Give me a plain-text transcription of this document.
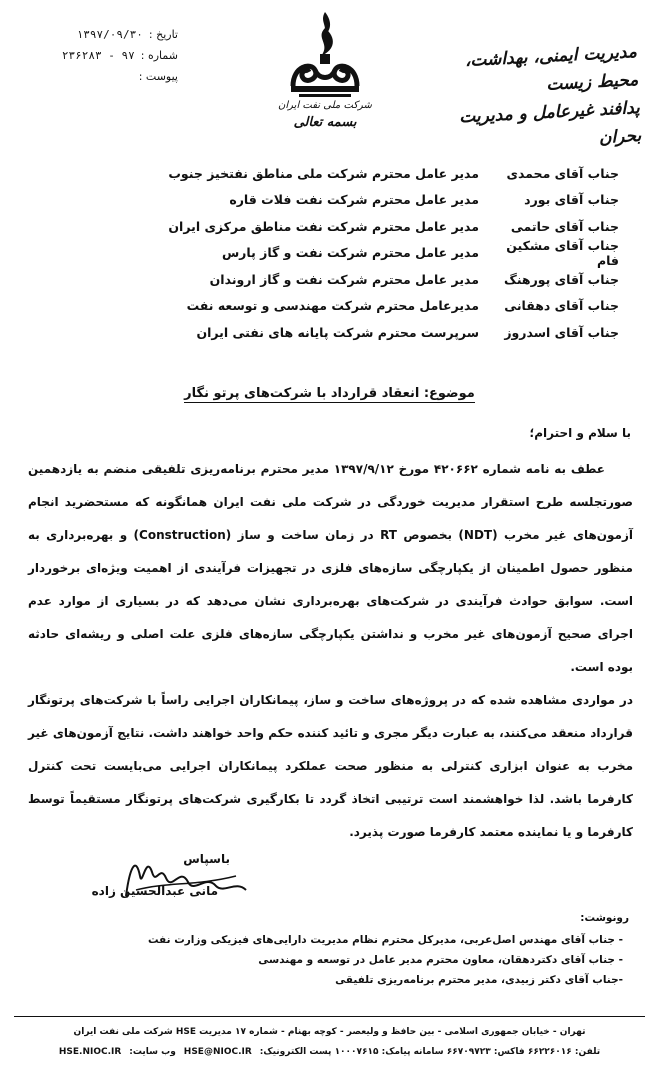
تاریخ :
۱۳۹۷/۰۹/۳۰
شماره :
۹۷ - ۲۳۶۲۸۳
پیوست :
شرکت ملی نفت ایران
بسمه تعالی
مدیریت ایمنی، بهداشت، محیط زیست
پدافند غیرعامل و مدیریت بحران
جناب آقای محمدی
مدیر عامل محترم شرکت ملی مناطق نفتخیز جنوب
جناب آقای بورد
مدیر عامل محترم شرکت نفت فلات قاره
جناب آقای حاتمی
مدیر عامل محترم شرکت نفت مناطق مرکزی ایران
جناب آقای مشکین فام
مدیر عامل محترم شرکت نفت و گاز پارس
جناب آقای پورهنگ
مدیر عامل محترم شرکت نفت و گاز اروندان
جناب آقای دهقانی
مدیرعامل محترم شرکت مهندسی و توسعه نفت
جناب آقای اسدروز
سرپرست محترم شرکت پایانه های نفتی ایران
موضوع: انعقاد قرارداد با شرکت‌های پرتو نگار
با سلام و احترام؛

عطف به نامه شماره ۴۲۰۶۶۲ مورخ ۱۳۹۷/۹/۱۲ مدیر محترم برنامه‌ریزی تلفیقی منضم به یازدهمین صورتجلسه طرح استقرار مدیریت خوردگی در شرکت ملی نفت ایران همانگونه که مستحضرید انجام آزمون‌های غیر مخرب (NDT) بخصوص RT در زمان ساخت و ساز (Construction) و بهره‌برداری به منظور حصول اطمینان از یکپارچگی سازه‌های فلزی در تجهیزات فرآیندی از اهمیت ویژه‌ای برخوردار است. سوابق حوادث فرآیندی در شرکت‌های بهره‌برداری نشان می‌دهد که در بسیاری از موارد عدم اجرای صحیح آزمون‌های غیر مخرب و نداشتن یکپارچگی سازه‌های فلزی علت اصلی و ریشه‌ای حادثه بوده است.

در مواردی مشاهده شده که در پروژه‌های ساخت و ساز، پیمانکاران اجرایی راساً با شرکت‌های پرتونگار قرارداد منعقد می‌کنند، به عبارت دیگر مجری و تائید کننده حکم واحد خواهند داشت. نتایج آزمون‌های غیر مخرب به عنوان ابزاری کنترلی به منظور صحت عملکرد پیمانکاران اجرایی می‌بایست تحت کنترل کارفرما باشد. لذا خواهشمند است ترتیبی اتخاذ گردد تا بکارگیری شرکت‌های پرتونگار مستقیماً توسط کارفرما و یا نماینده معتمد کارفرما صورت پذیرد.

باسپاس
مانی عبدالحسین زاده
رونوشت:
- جناب آقای مهندس اصل‌عربی، مدیرکل محترم نظام مدیریت دارایی‌های فیزیکی وزارت نفت
- جناب آقای دکتردهقان، معاون محترم مدیر عامل در توسعه و مهندسی
-جناب آقای دکتر زبیدی، مدیر محترم برنامه‌ریزی تلفیقی
تهران - خیابان جمهوری اسلامی - بین حافظ و ولیعصر - کوچه بهنام - شماره ۱۷ مدیریت HSE شرکت ملی نفت ایران
تلفن: ۶۶۲۲۶۰۱۶ فاکس: ۶۶۷۰۹۷۲۳ سامانه پیامک: ۱۰۰۰۷۶۱۵ پست الکترونیک:
HSE@NIOC.IR
وب سایت:
HSE.NIOC.IR
